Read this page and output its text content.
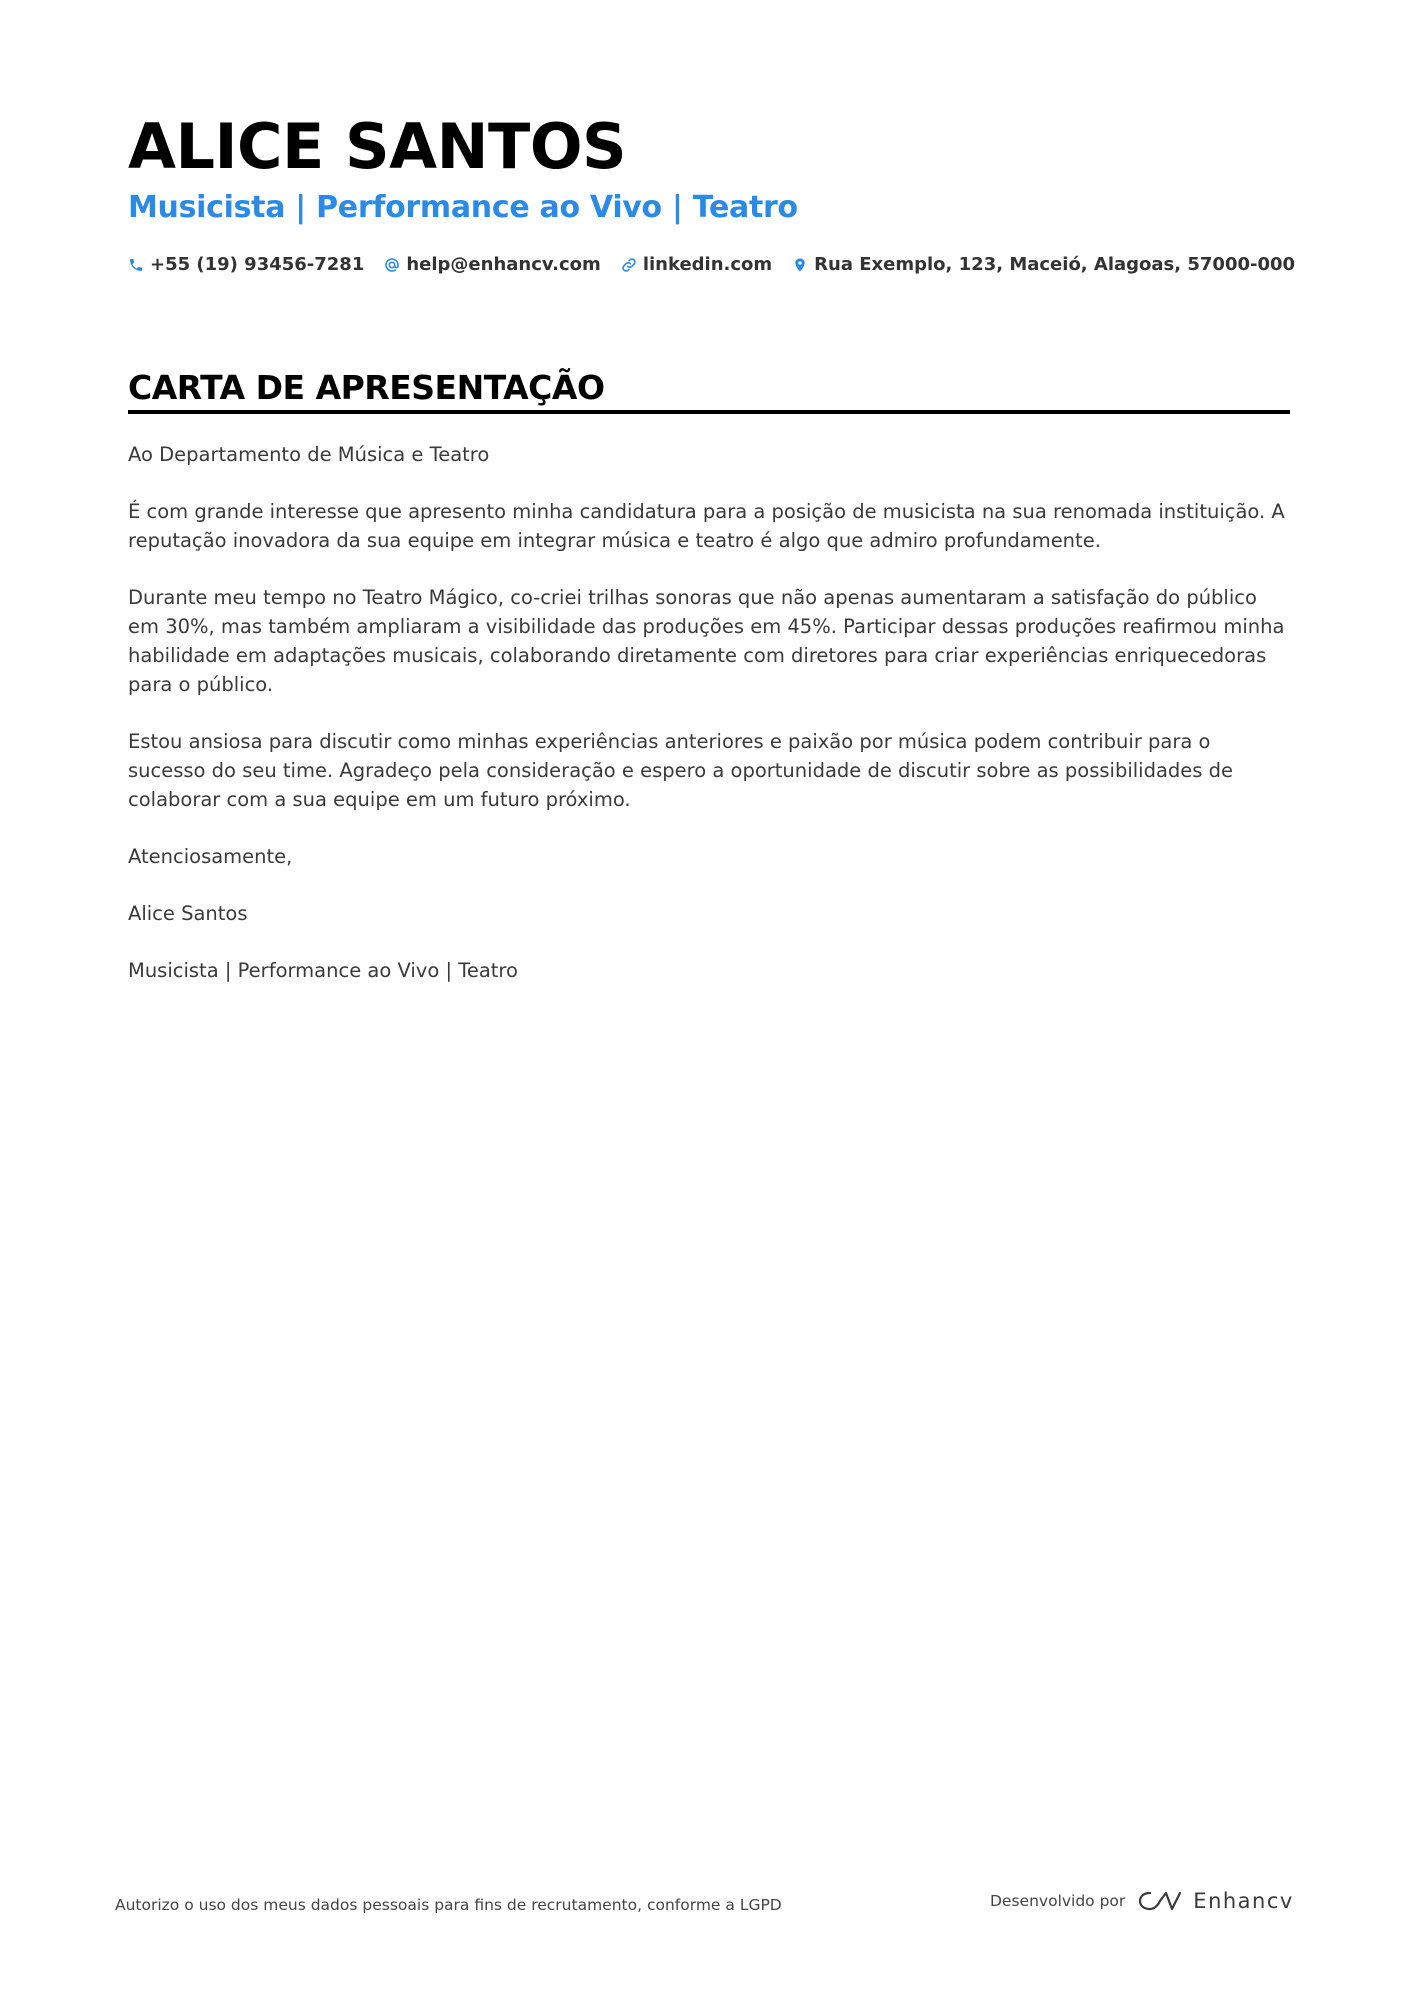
ALICE SANTOS
Musicista | Performance ao Vivo | Teatro
+55 (19) 93456-7281 help@enhancv.com linkedin.com Rua Exemplo, 123, Maceió, Alagoas, 57000-000
CARTA DE APRESENTAÇÃO

Ao Departamento de Música e Teatro

É com grande interesse que apresento minha candidatura para a posição de musicista na sua renomada instituição. A reputação inovadora da sua equipe em integrar música e teatro é algo que admiro profundamente.

Durante meu tempo no Teatro Mágico, co-criei trilhas sonoras que não apenas aumentaram a satisfação do público em 30%, mas também ampliaram a visibilidade das produções em 45%. Participar dessas produções reafirmou minha habilidade em adaptações musicais, colaborando diretamente com diretores para criar experiências enriquecedoras para o público.

Estou ansiosa para discutir como minhas experiências anteriores e paixão por música podem contribuir para o sucesso do seu time. Agradeço pela consideração e espero a oportunidade de discutir sobre as possibilidades de colaborar com a sua equipe em um futuro próximo.

Atenciosamente,

Alice Santos

Musicista | Performance ao Vivo | Teatro

Autorizo o uso dos meus dados pessoais para fins de recrutamento, conforme a LGPD	Desenvolvido por	Enhancv
